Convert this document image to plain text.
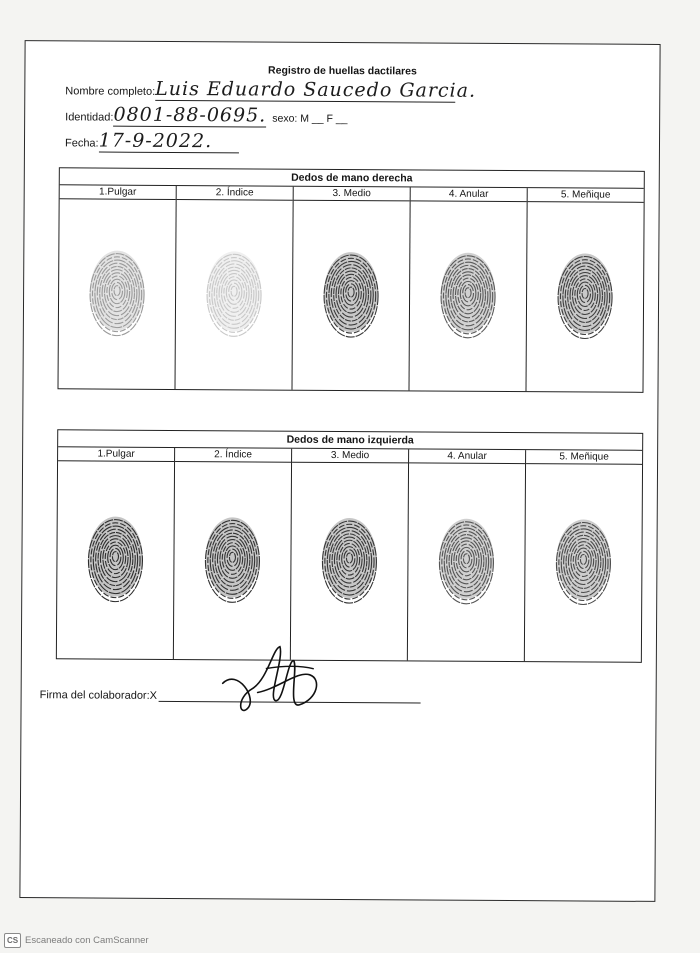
Registro de huellas dactilares
Nombre completo:Luis Eduardo Saucedo Garcia.
Identidad:0801-88-0695. sexo: M __ F __
Fecha:17-9-2022.
Dedos de mano derecha
1.Pulgar	2. Índice	3. Medio	4. Anular	5. Meñique
Dedos de mano izquierda
1.Pulgar	2. Índice	3. Medio	4. Anular	5. Meñique
Firma del colaborador:X
CS Escaneado con CamScanner
